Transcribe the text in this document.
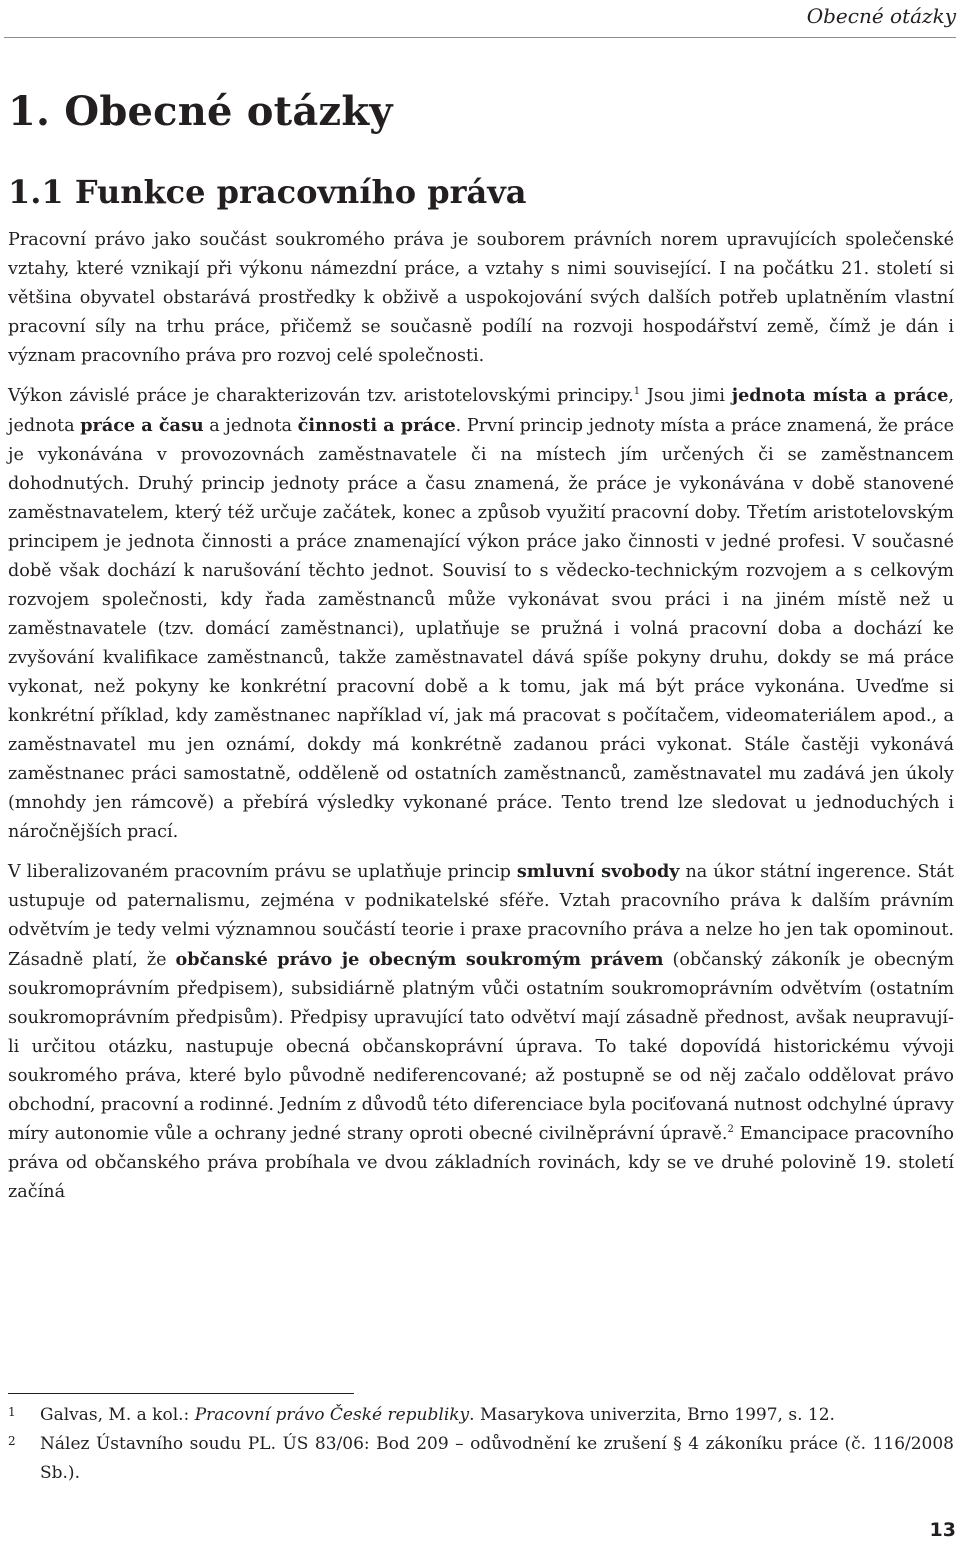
Obecné otázky
1. Obecné otázky
1.1 Funkce pracovního práva

Pracovní právo jako součást soukromého práva je souborem právních norem upravujících společenské vztahy, které vznikají při výkonu námezdní práce, a vztahy s nimi související. I na počátku 21. století si většina obyvatel obstarává prostředky k obživě a uspokojování svých dalších potřeb uplatněním vlastní pracovní síly na trhu práce, přičemž se současně podílí na rozvoji hospodářství země, čímž je dán i význam pracovního práva pro rozvoj celé společnosti.

Výkon závislé práce je charakterizován tzv. aristotelovskými principy.$^1$ Jsou jimi jednota místa a práce, jednota práce a času a jednota činnosti a práce. První princip jednoty místa a práce znamená, že práce je vykonávána v provozovnách zaměstnavatele či na místech jím určených či se zaměstnancem dohodnutých. Druhý princip jednoty práce a času znamená, že práce je vykonávána v době stanovené zaměstnavatelem, který též určuje začátek, konec a způsob využití pracovní doby. Třetím aristotelovským principem je jednota činnosti a práce znamenající výkon práce jako činnosti v jedné profesi. V současné době však dochází k narušování těchto jednot. Souvisí to s vědecko-technickým rozvojem a s celkovým rozvojem společnosti, kdy řada zaměstnanců může vykonávat svou práci i na jiném místě než u zaměstnavatele (tzv. domácí zaměstnanci), uplatňuje se pružná i volná pracovní doba a dochází ke zvyšování kvalifikace zaměstnanců, takže zaměstnavatel dává spíše pokyny druhu, dokdy se má práce vykonat, než pokyny ke konkrétní pracovní době a k tomu, jak má být práce vykonána. Uveďme si konkrétní příklad, kdy zaměstnanec například ví, jak má pracovat s počítačem, videomateriálem apod., a zaměstnavatel mu jen oznámí, dokdy má konkrétně zadanou práci vykonat. Stále častěji vykonává zaměstnanec práci samostatně, odděleně od ostatních zaměstnanců, zaměstnavatel mu zadává jen úkoly (mnohdy jen rámcově) a přebírá výsledky vykonané práce. Tento trend lze sledovat u jednoduchých i náročnějších prací.

V liberalizovaném pracovním právu se uplatňuje princip smluvní svobody na úkor státní ingerence. Stát ustupuje od paternalismu, zejména v podnikatelské sféře. Vztah pracovního práva k dalším právním odvětvím je tedy velmi významnou součástí teorie i praxe pracovního práva a nelze ho jen tak opominout. Zásadně platí, že občanské právo je obecným soukromým právem (občanský zákoník je obecným soukromoprávním předpisem), subsidiárně platným vůči ostatním soukromoprávním odvětvím (ostatním soukromoprávním předpisům). Předpisy upravující tato odvětví mají zásadně přednost, avšak neupravují-li určitou otázku, nastupuje obecná občanskoprávní úprava. To také dopovídá historickému vývoji soukromého práva, které bylo původně nediferencované; až postupně se od něj začalo oddělovat právo obchodní, pracovní a rodinné. Jedním z důvodů této diferenciace byla pociťovaná nutnost odchylné úpravy míry autonomie vůle a ochrany jedné strany oproti obecné civilněprávní úpravě.$^2$ Emancipace pracovního práva od občanského práva probíhala ve dvou základních rovinách, kdy se ve druhé polovině 19. století začíná

1	Galvas, M. a kol.: Pracovní právo České republiky. Masarykova univerzita, Brno 1997, s. 12.
2	Nález Ústavního soudu PL. ÚS 83/06: Bod 209 – odůvodnění ke zrušení § 4 zákoníku práce (č. 116/2008 Sb.).
13
